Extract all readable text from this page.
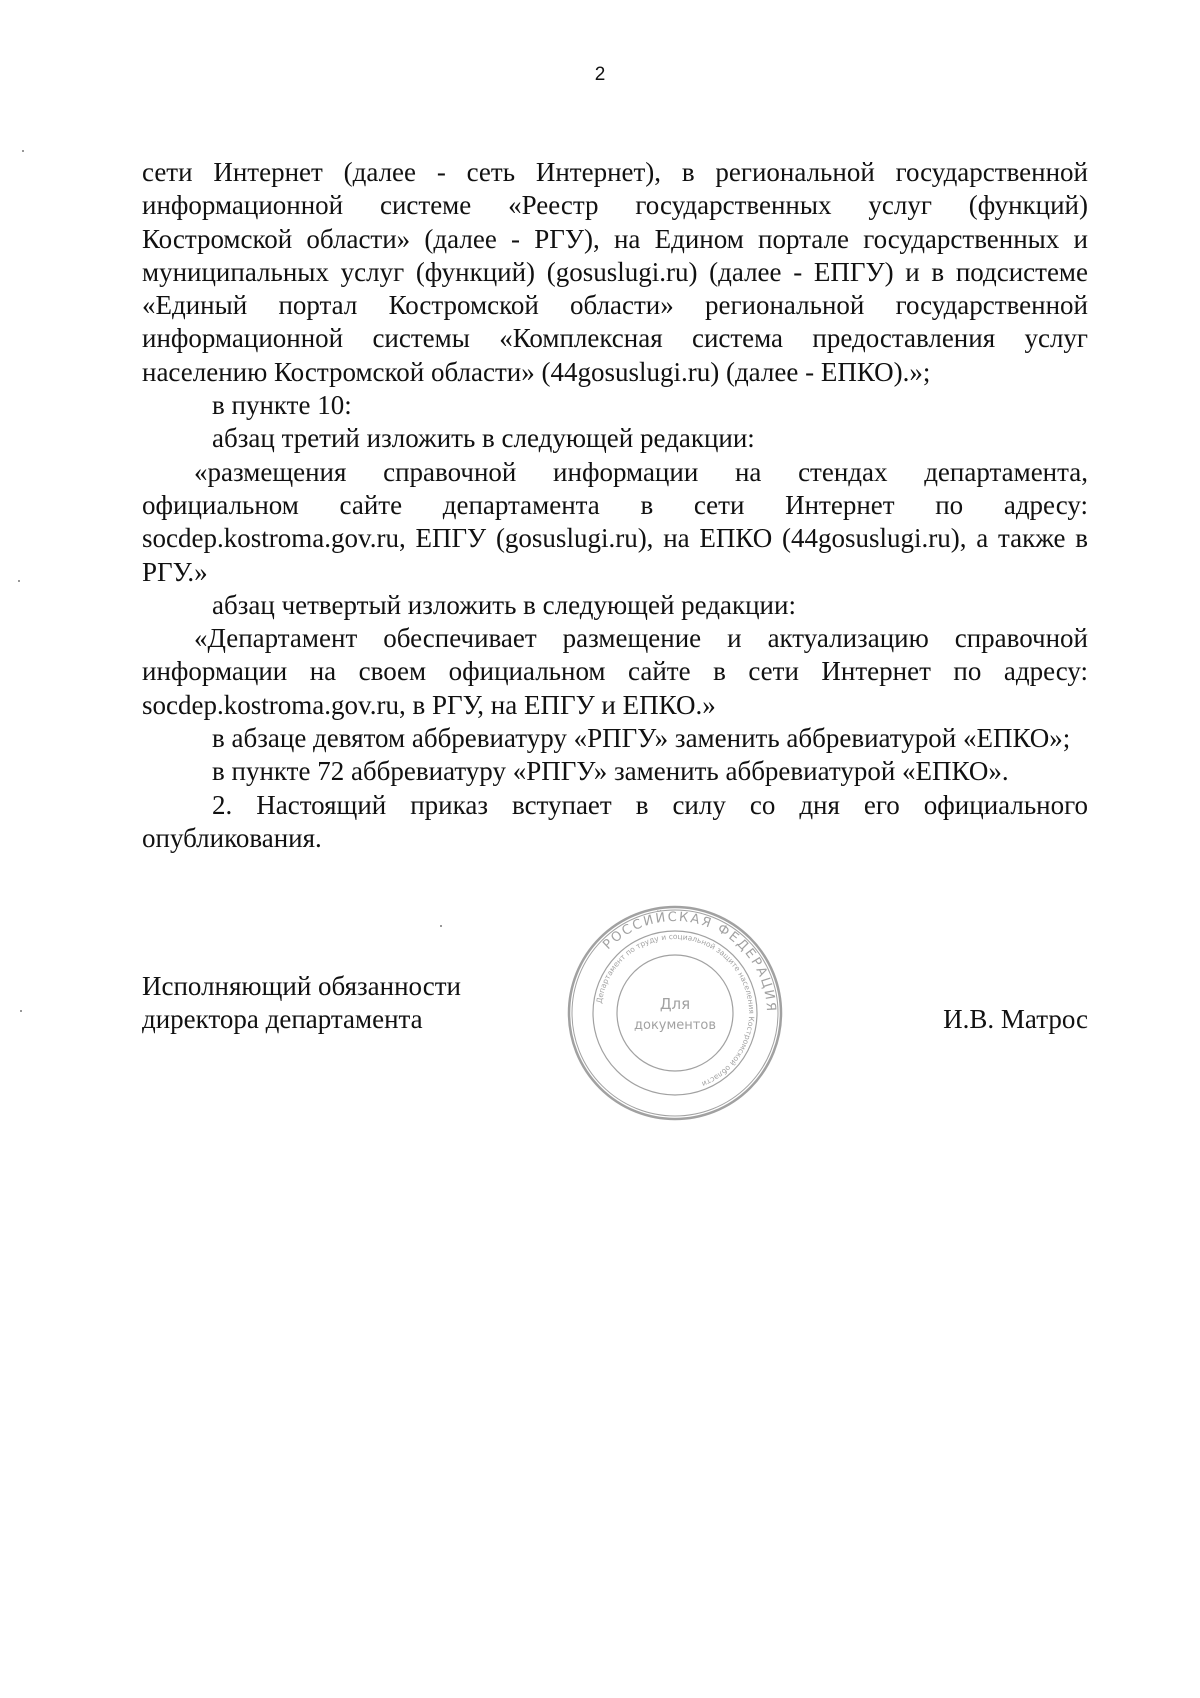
2

сети Интернет (далее - сеть Интернет), в региональной государственной информационной системе «Реестр государственных услуг (функций) Костромской области» (далее - РГУ), на Едином портале государственных и муниципальных услуг (функций) (gosuslugi.ru) (далее - ЕПГУ) и в подсистеме «Единый портал Костромской области» региональной государственной информационной системы «Комплексная система предоставления услуг населению Костромской области» (44gosuslugi.ru) (далее - ЕПКО).»;

в пункте 10:

абзац третий изложить в следующей редакции:

«размещения справочной информации на стендах департамента, официальном сайте департамента в сети Интернет по адресу: socdep.kostroma.gov.ru, ЕПГУ (gosuslugi.ru), на ЕПКО (44gosuslugi.ru), а также в РГУ.»

абзац четвертый изложить в следующей редакции:

«Департамент обеспечивает размещение и актуализацию справочной информации на своем официальном сайте в сети Интернет по адресу: socdep.kostroma.gov.ru, в РГУ, на ЕПГУ и ЕПКО.»

в абзаце девятом аббревиатуру «РПГУ» заменить аббревиатурой «ЕПКО»;

в пункте 72 аббревиатуру «РПГУ» заменить аббревиатурой «ЕПКО».

2. Настоящий приказ вступает в силу со дня его официального опубликования.

Исполняющий обязанности
директора департамента
РОССИЙСКАЯ ФЕДЕРАЦИЯ
Департамент по труду и социальной защите населения Костромской области
Для
документов	И.В. Матрос
